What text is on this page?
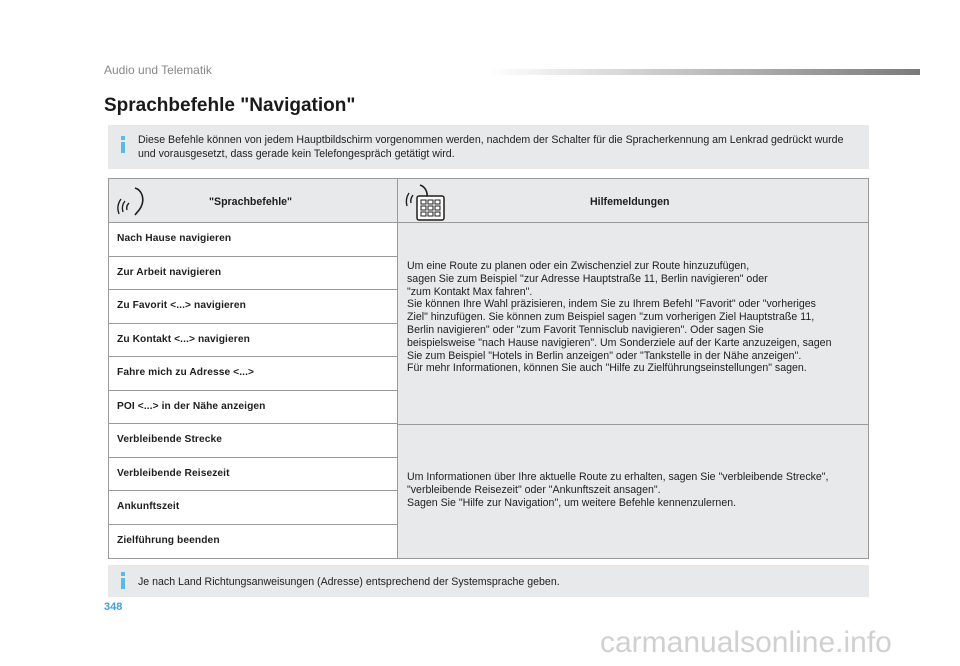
Audio und Telematik
Sprachbefehle "Navigation"
Diese Befehle können von jedem Hauptbildschirm vorgenommen werden, nachdem der Schalter für die Spracherkennung am Lenkrad gedrückt wurde und vorausgesetzt, dass gerade kein Telefongespräch getätigt wird.
"Sprachbefehle"	Hilfemeldungen
Nach Hause navigieren
Zur Arbeit navigieren
Zu Favorit <...> navigieren
Zu Kontakt <...> navigieren
Fahre mich zu Adresse <...>
POI <...> in der Nähe anzeigen
Um eine Route zu planen oder ein Zwischenziel zur Route hinzuzufügen,
sagen Sie zum Beispiel "zur Adresse Hauptstraße 11, Berlin navigieren" oder
"zum Kontakt Max fahren".
Sie können Ihre Wahl präzisieren, indem Sie zu Ihrem Befehl "Favorit" oder "vorheriges
Ziel" hinzufügen. Sie können zum Beispiel sagen "zum vorherigen Ziel Hauptstraße 11,
Berlin navigieren" oder "zum Favorit Tennisclub navigieren". Oder sagen Sie
beispielsweise "nach Hause navigieren". Um Sonderziele auf der Karte anzuzeigen, sagen
Sie zum Beispiel "Hotels in Berlin anzeigen" oder "Tankstelle in der Nähe anzeigen".
Für mehr Informationen, können Sie auch "Hilfe zu Zielführungseinstellungen" sagen.
Verbleibende Strecke
Verbleibende Reisezeit
Ankunftszeit
Zielführung beenden
Um Informationen über Ihre aktuelle Route zu erhalten, sagen Sie "verbleibende Strecke",
"verbleibende Reisezeit" oder "Ankunftszeit ansagen".
Sagen Sie "Hilfe zur Navigation", um weitere Befehle kennenzulernen.
Je nach Land Richtungsanweisungen (Adresse) entsprechend der Systemsprache geben.
348
carmanualsonline.info
